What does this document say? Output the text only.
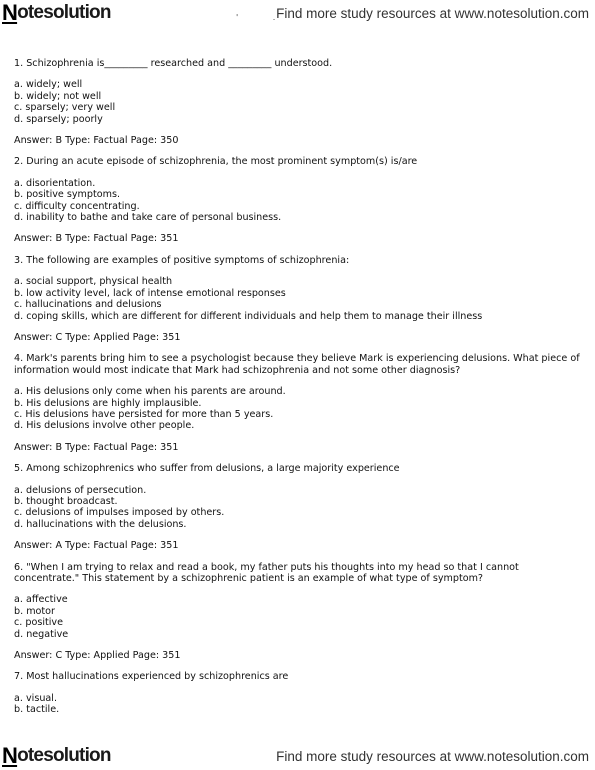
N otesolution	Find more study resources at www.notesolution.com
' .
1. Schizophrenia is_________ researched and _________ understood.
a. widely; well
b. widely; not well
c. sparsely; very well
d. sparsely; poorly
Answer: B Type: Factual Page: 350
2. During an acute episode of schizophrenia, the most prominent symptom(s) is/are
a. disorientation.
b. positive symptoms.
c. difficulty concentrating.
d. inability to bathe and take care of personal business.
Answer: B Type: Factual Page: 351
3. The following are examples of positive symptoms of schizophrenia:
a. social support, physical health
b. low activity level, lack of intense emotional responses
c. hallucinations and delusions
d. coping skills, which are different for different individuals and help them to manage their illness
Answer: C Type: Applied Page: 351
4. Mark's parents bring him to see a psychologist because they believe Mark is experiencing delusions. What piece of information would most indicate that Mark had schizophrenia and not some other diagnosis?
a. His delusions only come when his parents are around.
b. His delusions are highly implausible.
c. His delusions have persisted for more than 5 years.
d. His delusions involve other people.
Answer: B Type: Factual Page: 351
5. Among schizophrenics who suffer from delusions, a large majority experience
a. delusions of persecution.
b. thought broadcast.
c. delusions of impulses imposed by others.
d. hallucinations with the delusions.
Answer: A Type: Factual Page: 351
6. "When I am trying to relax and read a book, my father puts his thoughts into my head so that I cannot concentrate." This statement by a schizophrenic patient is an example of what type of symptom?
a. affective
b. motor
c. positive
d. negative
Answer: C Type: Applied Page: 351
7. Most hallucinations experienced by schizophrenics are
a. visual.
b. tactile.
N otesolution	Find more study resources at www.notesolution.com
